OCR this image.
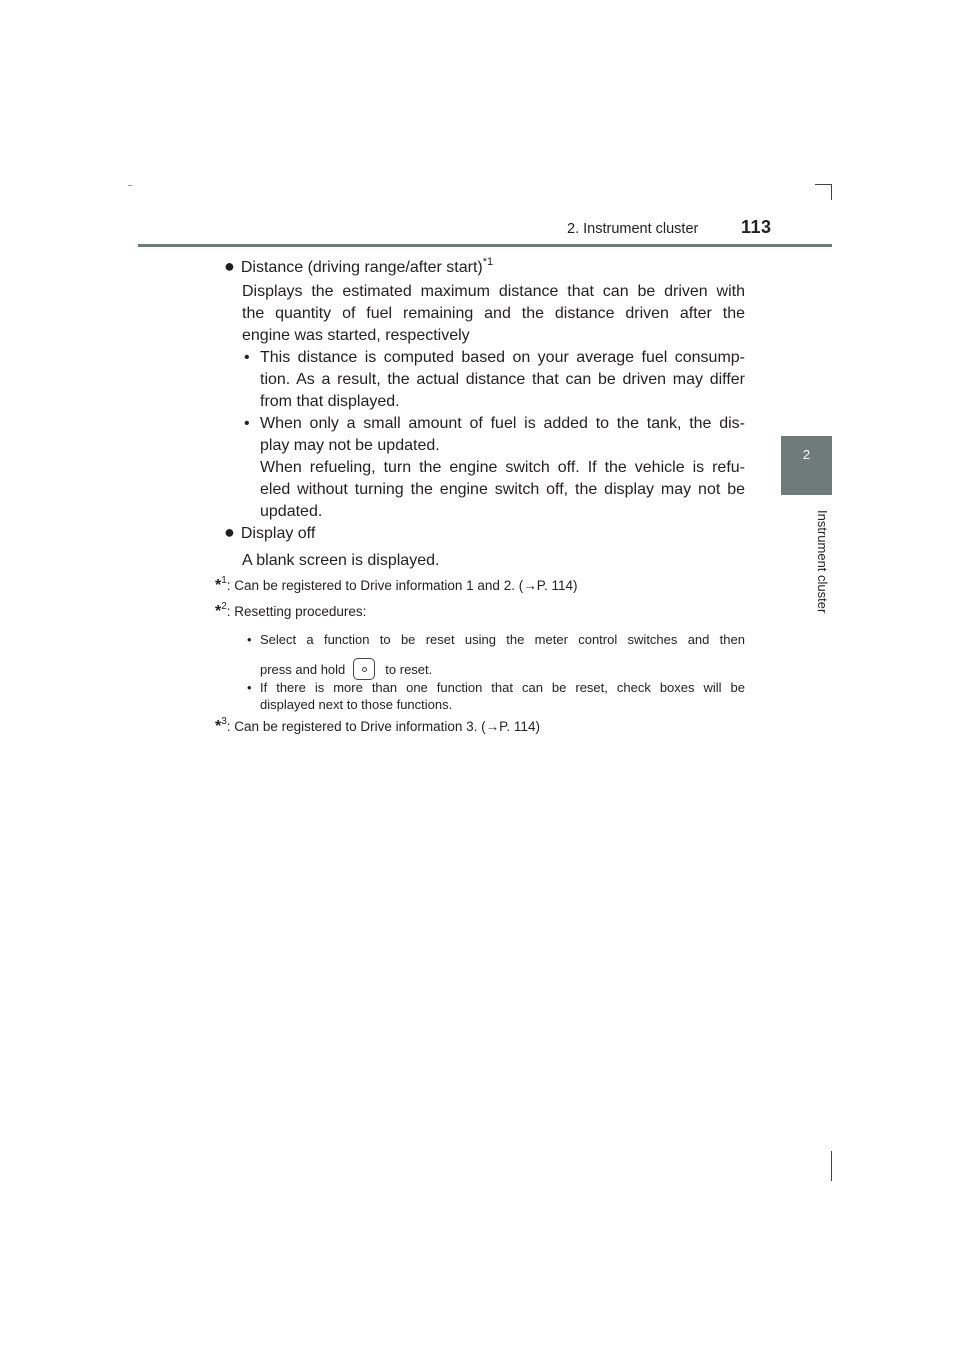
2. Instrument cluster 113
2
Instrument cluster
● Distance (driving range/after start)$^{*1}$
Displays the estimated maximum distance that can be driven with
the quantity of fuel remaining and the distance driven after the
engine was started, respectively
• This distance is computed based on your average fuel consump-
tion. As a result, the actual distance that can be driven may differ
from that displayed.
• When only a small amount of fuel is added to the tank, the dis-
play may not be updated.
When refueling, turn the engine switch off. If the vehicle is refu-
eled without turning the engine switch off, the display may not be
updated.
● Display off
A blank screen is displayed.
*$^1$: Can be registered to Drive information 1 and 2. (→P. 114)
*$^2$: Resetting procedures:
• Select a function to be reset using the meter control switches and then
press and hold	to reset.
• If there is more than one function that can be reset, check boxes will be
displayed next to those functions.
*$^3$: Can be registered to Drive information 3. (→P. 114)
